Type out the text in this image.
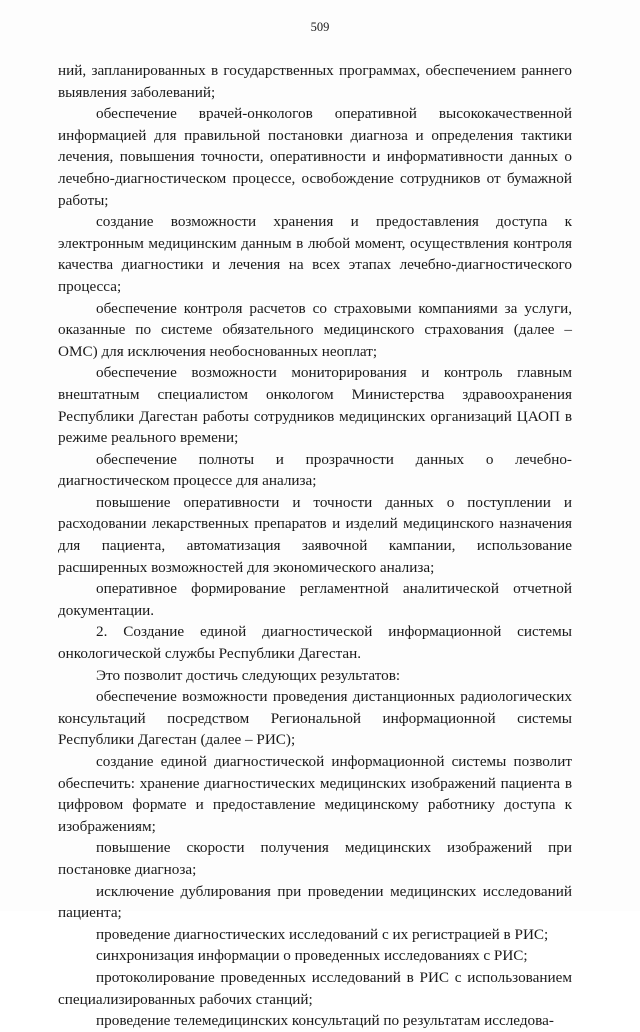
509

ний, запланированных в государственных программах, обеспечением раннего выявления заболеваний;

обеспечение врачей-онкологов оперативной высококачественной информацией для правильной постановки диагноза и определения тактики лечения, повышения точности, оперативности и информативности данных о лечебно-диагностическом процессе, освобождение сотрудников от бумажной работы;

создание возможности хранения и предоставления доступа к электронным медицинским данным в любой момент, осуществления контроля качества диагностики и лечения на всех этапах лечебно-диагностического процесса;

обеспечение контроля расчетов со страховыми компаниями за услуги, оказанные по системе обязательного медицинского страхования (далее – ОМС) для исключения необоснованных неоплат;

обеспечение возможности мониторирования и контроль главным внештатным специалистом онкологом Министерства здравоохранения Республики Дагестан работы сотрудников медицинских организаций ЦАОП в режиме реального времени;

обеспечение полноты и прозрачности данных о лечебно-диагностическом процессе для анализа;

повышение оперативности и точности данных о поступлении и расходовании лекарственных препаратов и изделий медицинского назначения для пациента, автоматизация заявочной кампании, использование расширенных возможностей для экономического анализа;

оперативное формирование регламентной аналитической отчетной документации.

2. Создание единой диагностической информационной системы онкологической службы Республики Дагестан.

Это позволит достичь следующих результатов:

обеспечение возможности проведения дистанционных радиологических консультаций посредством Региональной информационной системы Республики Дагестан (далее – РИС);

создание единой диагностической информационной системы позволит обеспечить: хранение диагностических медицинских изображений пациента в цифровом формате и предоставление медицинскому работнику доступа к изображениям;

повышение скорости получения медицинских изображений при постановке диагноза;

исключение дублирования при проведении медицинских исследований пациента;

проведение диагностических исследований с их регистрацией в РИС;

синхронизация информации о проведенных исследованиях с РИС;

протоколирование проведенных исследований в РИС с использованием специализированных рабочих станций;

проведение телемедицинских консультаций по результатам исследова-
